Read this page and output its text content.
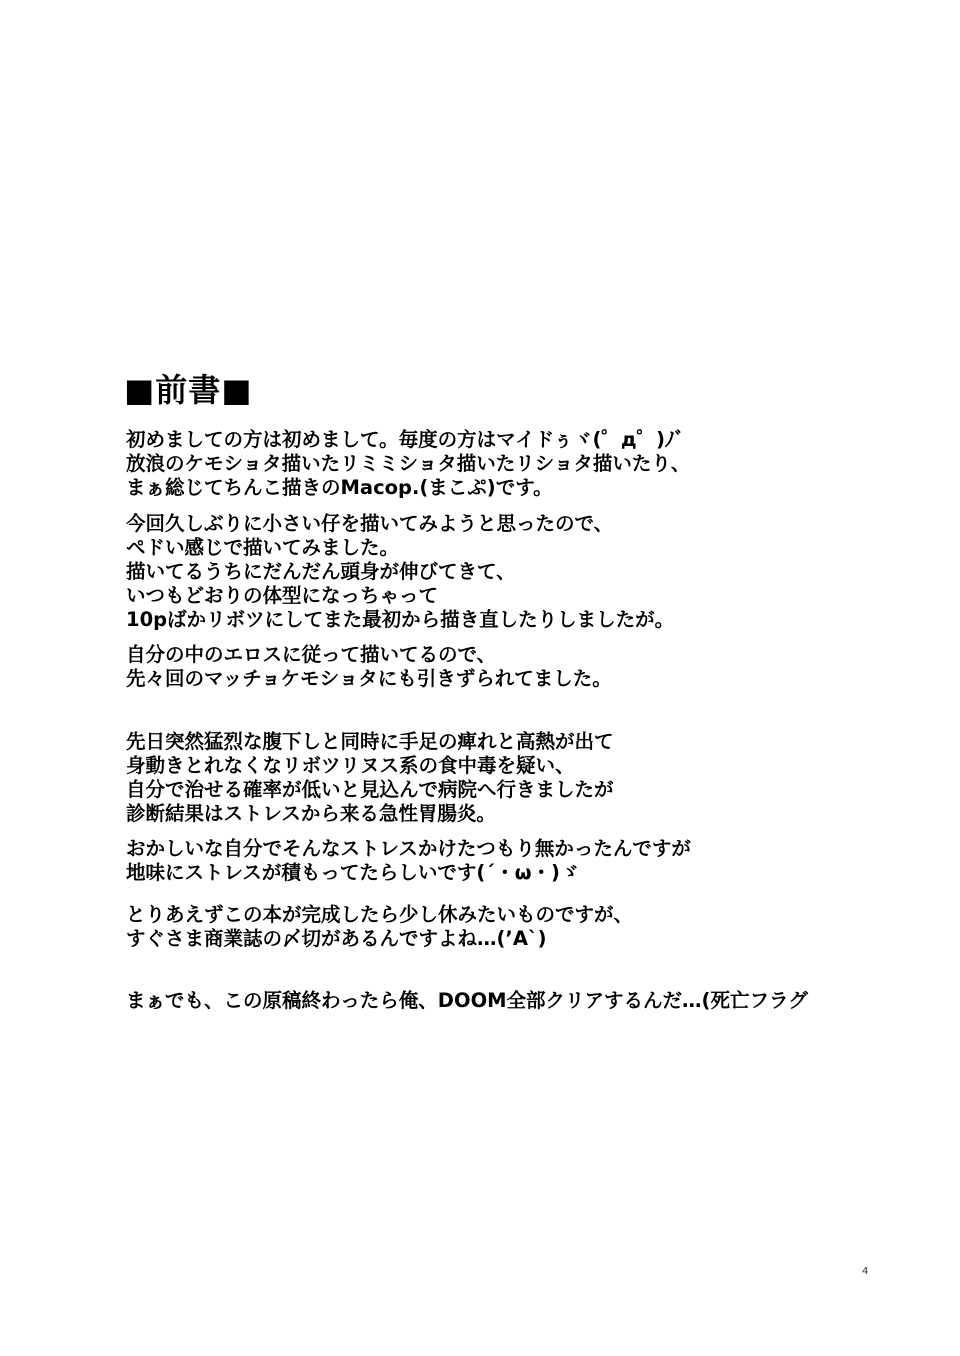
■前書■
初めましての方は初めまして。毎度の方はマイドぅヾ(゜д゜)ﾉﾞ
放浪のケモショタ描いたリミミショタ描いたリショタ描いたり、
まぁ総じてちんこ描きのMacop.(まこぷ)です。
今回久しぶりに小さい仔を描いてみようと思ったので、
ペドい感じで描いてみました。
描いてるうちにだんだん頭身が伸びてきて、
いつもどおりの体型になっちゃって
10pばかリボツにしてまた最初から描き直したりしましたが。
自分の中のエロスに従って描いてるので、
先々回のマッチョケモショタにも引きずられてました。
先日突然猛烈な腹下しと同時に手足の痺れと高熱が出て
身動きとれなくなリボツリヌス系の食中毒を疑い、
自分で治せる確率が低いと見込んで病院へ行きましたが
診断結果はストレスから来る急性胃腸炎。
おかしいな自分でそんなストレスかけたつもり無かったんですが
地味にストレスが積もってたらしいです(´・ω・)ゞ
とりあえずこの本が完成したら少し休みたいものですが、
すぐさま商業誌の〆切があるんですよね…(’A`)
まぁでも、この原稿終わったら俺、DOOM全部クリアするんだ…(死亡フラグ
4
